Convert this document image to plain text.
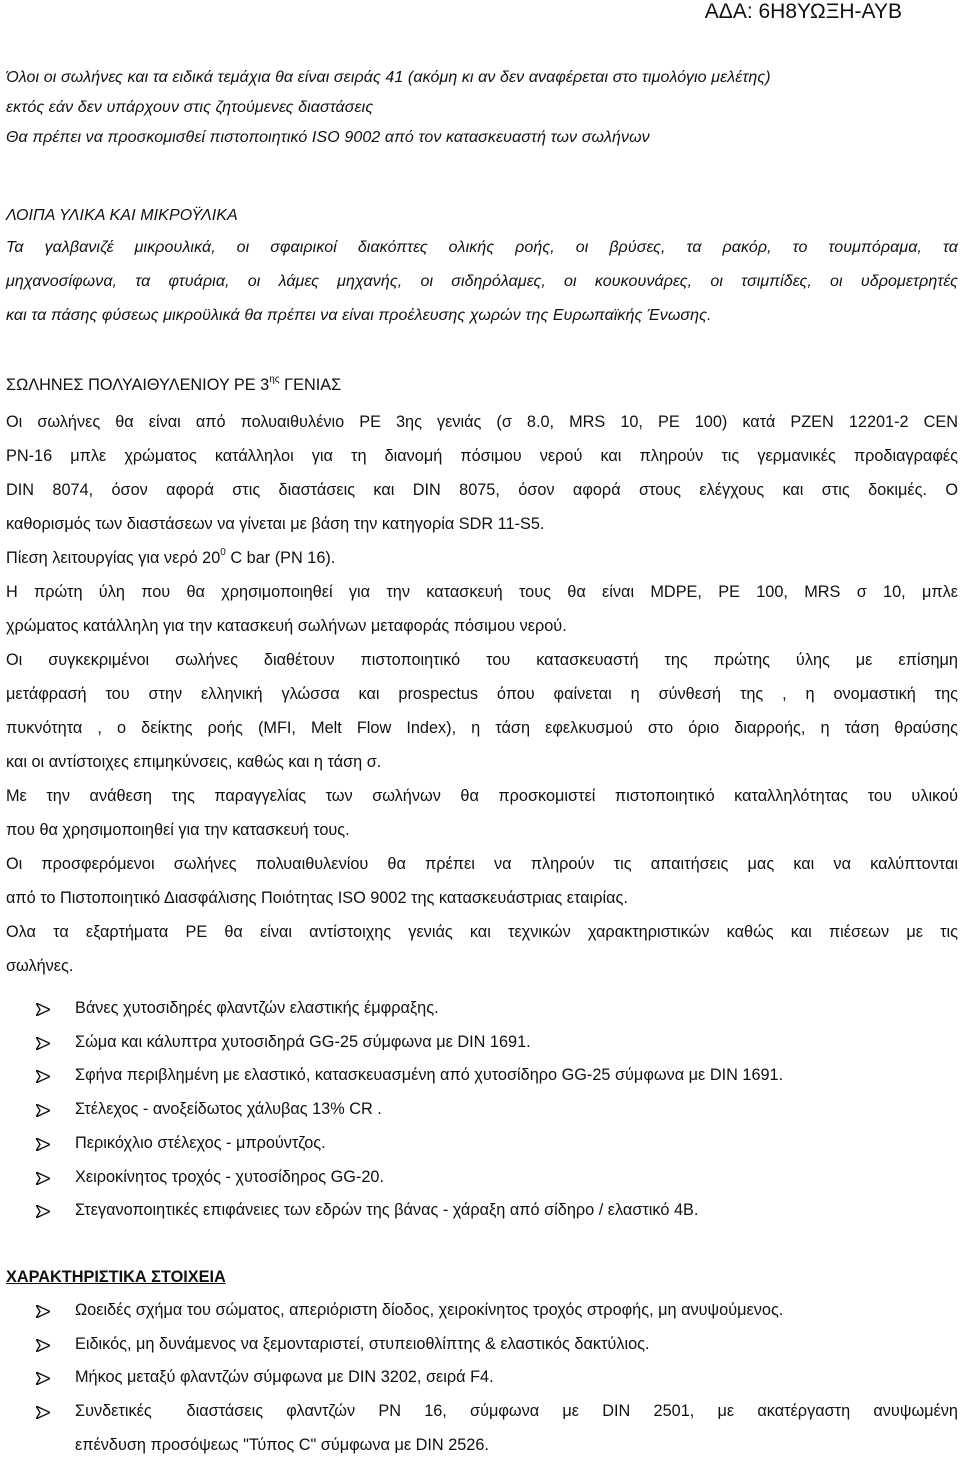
ΑΔΑ: 6Η8ΥΩΞΗ-ΑΥΒ
Όλοι οι σωλήνες και τα ειδικά τεμάχια θα είναι σειράς 41 (ακόμη κι αν δεν αναφέρεται στο τιμολόγιο μελέτης)
εκτός εάν δεν υπάρχουν στις ζητούμενες διαστάσεις
Θα πρέπει να προσκομισθεί πιστοποιητικό ISO 9002 από τον κατασκευαστή των σωλήνων
ΛΟΙΠΑ ΥΛΙΚΑ ΚΑΙ ΜΙΚΡΟΫΛΙΚΑ
Τα γαλβανιζέ μικρουλικά, οι σφαιρικοί διακόπτες ολικής ροής, οι βρύσες, τα ρακόρ, το τουμπόραμα, τα
μηχανοσίφωνα, τα φτυάρια, οι λάμες μηχανής, οι σιδηρόλαμες, οι κουκουνάρες, οι τσιμπίδες, οι υδρομετρητές
και τα πάσης φύσεως μικροϋλικά θα πρέπει να είναι προέλευσης χωρών της Ευρωπαϊκής Ένωσης.
ΣΩΛΗΝΕΣ ΠΟΛΥΑΙΘΥΛΕΝΙΟΥ PE $3^{\eta\varsigma}$ ΓΕΝΙΑΣ
Οι σωλήνες θα είναι από πολυαιθυλένιο PE 3ης γενιάς (σ 8.0, MRS 10, PE 100) κατά ΡΖΕΝ 12201-2 CEN
PN-16 μπλε χρώματος κατάλληλοι για τη διανομή πόσιμου νερού και πληρούν τις γερμανικές προδιαγραφές
DIN 8074, όσον αφορά στις διαστάσεις και DIN 8075, όσον αφορά στους ελέγχους και στις δοκιμές. Ο
καθορισμός των διαστάσεων να γίνεται με βάση την κατηγορία SDR 11-S5.
Πίεση λειτουργίας για νερό $20^0$ C bar (PN 16).
Η πρώτη ύλη που θα χρησιμοποιηθεί για την κατασκευή τους θα είναι MDPE, PE 100, MRS σ 10, μπλε
χρώματος κατάλληλη για την κατασκευή σωλήνων μεταφοράς πόσιμου νερού.
Οι συγκεκριμένοι σωλήνες διαθέτουν πιστοποιητικό του κατασκευαστή της πρώτης ύλης με επίσημη
μετάφρασή του στην ελληνική γλώσσα και prospectus όπου φαίνεται η σύνθεσή της , η ονομαστική της
πυκνότητα , ο δείκτης ροής (MFI, Melt Flow Index), η τάση εφελκυσμού στο όριο διαρροής, η τάση θραύσης
και οι αντίστοιχες επιμηκύνσεις, καθώς και η τάση σ.
Με την ανάθεση της παραγγελίας των σωλήνων θα προσκομιστεί πιστοποιητικό καταλληλότητας του υλικού
που θα χρησιμοποιηθεί για την κατασκευή τους.
Οι προσφερόμενοι σωλήνες πολυαιθυλενίου θα πρέπει να πληρούν τις απαιτήσεις μας και να καλύπτονται
από το Πιστοποιητικό Διασφάλισης Ποιότητας ISO 9002 της κατασκευάστριας εταιρίας.
Ολα τα εξαρτήματα PE θα είναι αντίστοιχης γενιάς και τεχνικών χαρακτηριστικών καθώς και πιέσεων με τις
σωλήνες.
Βάνες χυτοσιδηρές φλαντζών ελαστικής έμφραξης.
Σώμα και κάλυπτρα χυτοσιδηρά GG-25 σύμφωνα με DIN 1691.
Σφήνα περιβλημένη με ελαστικό, κατασκευασμένη από χυτοσίδηρο GG-25 σύμφωνα με DIN 1691.
Στέλεχος - ανοξείδωτος χάλυβας 13% CR .
Περικόχλιο στέλεχος - μπρούντζος.
Χειροκίνητος τροχός - χυτοσίδηρος GG-20.
Στεγανοποιητικές επιφάνειες των εδρών της βάνας - χάραξη από σίδηρο / ελαστικό 4Β.
ΧΑΡΑΚΤΗΡΙΣΤΙΚΑ ΣΤΟΙΧΕΙΑ
Ωοειδές σχήμα του σώματος, απεριόριστη δίοδος, χειροκίνητος τροχός στροφής, μη ανυψούμενος.
Ειδικός, μη δυνάμενος να ξεμονταριστεί, στυπειοθλίπτης & ελαστικός δακτύλιος.
Μήκος μεταξύ φλαντζών σύμφωνα με DIN 3202, σειρά F4.
Συνδετικές   διαστάσεις  φλαντζών  PN  16,  σύμφωνα  με  DIN  2501,  με  ακατέργαστη  ανυψωμένη
επένδυση προσόψεως "Τύπος C" σύμφωνα με DIN 2526.
